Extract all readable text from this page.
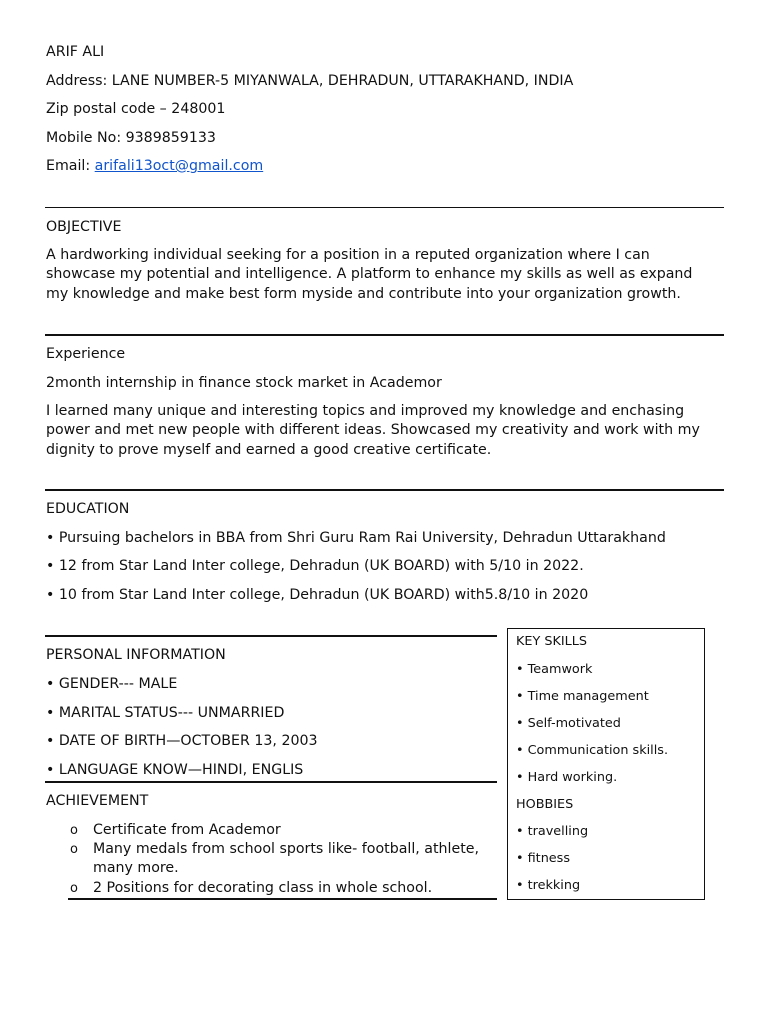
ARIF ALI
Address: LANE NUMBER-5 MIYANWALA, DEHRADUN, UTTARAKHAND, INDIA
Zip postal code – 248001
Mobile No: 9389859133
Email: arifali13oct@gmail.com
OBJECTIVE
A hardworking individual seeking for a position in a reputed organization where I can showcase my potential and intelligence. A platform to enhance my skills as well as expand my knowledge and make best form myside and contribute into your organization growth.
Experience
2month internship in finance stock market in Academor
I learned many unique and interesting topics and improved my knowledge and enchasing power and met new people with different ideas. Showcased my creativity and work with my dignity to prove myself and earned a good creative certificate.
EDUCATION
• Pursuing bachelors in BBA from Shri Guru Ram Rai University, Dehradun Uttarakhand
• 12 from Star Land Inter college, Dehradun (UK BOARD) with 5/10 in 2022.
• 10 from Star Land Inter college, Dehradun (UK BOARD) with5.8/10 in 2020
PERSONAL INFORMATION
• GENDER--- MALE
• MARITAL STATUS--- UNMARRIED
• DATE OF BIRTH—OCTOBER 13, 2003
• LANGUAGE KNOW—HINDI, ENGLIS
ACHIEVEMENT
o Certificate from Academor
o Many medals from school sports like- football, athlete, many more.
o 2 Positions for decorating class in whole school.
KEY SKILLS
• Teamwork
• Time management
• Self-motivated
• Communication skills.
• Hard working.
HOBBIES
• travelling
• fitness
• trekking
